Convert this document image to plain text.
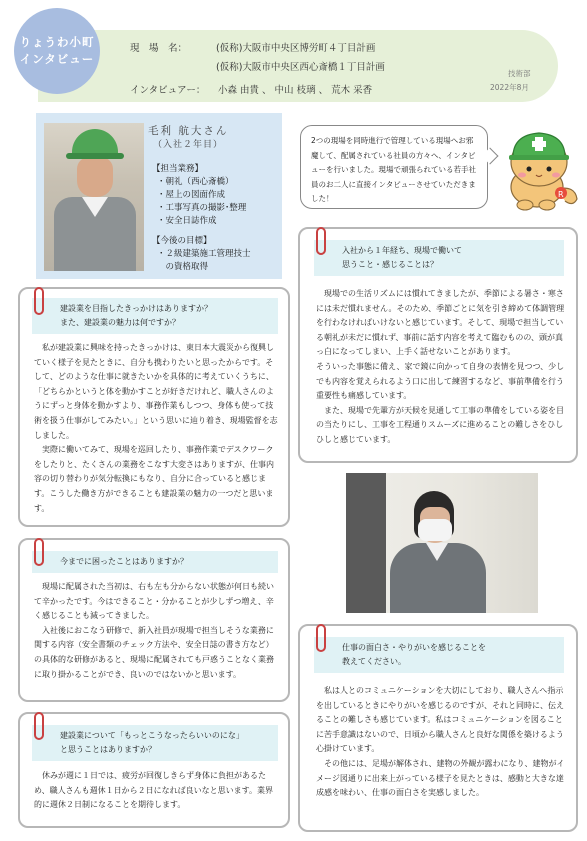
りょうわ小町
インタビュー
現　場　名：	(仮称)大阪市中央区博労町４丁目計画
(仮称)大阪市中央区西心斎橋１丁目計画
インタビュアー： 小森 由貴 、 中山 枝璃 、 荒木 采香
技術部
2022年8月
毛利 航大さん
（入社２年目）
【担当業務】
・朝礼（西心斎橋）
・屋上の図面作成
・工事写真の撮影･整理
・安全日誌作成
【今後の目標】
・２級建築施工管理技士
　の資格取得
2つの現場を同時進行で管理している現場へお邪魔して、配属されている社員の方々へ、インタビューを行いました。現場で頑張られている若手社員のお二人に直接インタビューさせていただきました！	R
建設業を目指したきっかけはありますか？
また、建設業の魅力は何ですか？

私が建設業に興味を持ったきっかけは、東日本大震災から復興していく様子を見たときに、自分も携わりたいと思ったからです。そして、どのような仕事に就きたいかを具体的に考えていくうちに、「どちらかというと体を動かすことが好きだけれど、職人さんのようにずっと身体を動かすより、事務作業もしつつ、身体も使って技術を扱う仕事がしてみたい。」という思いに辿り着き、現場監督を志しました。

実際に働いてみて、現場を巡回したり、事務作業でデスクワークをしたりと、たくさんの業務をこなす大変さはありますが、仕事内容の切り替わりが気分転換にもなり、自分に合っていると感じます。こうした働き方ができることも建設業の魅力の一つだと思います。

今までに困ったことはありますか？

現場に配属された当初は、右も左も分からない状態が何日も続いて辛かったです。今はできること・分かることが少しずつ増え、辛く感じることも減ってきました。

入社後におこなう研修で、新入社員が現場で担当しそうな業務に関する内容（安全書類のチェック方法や、安全日誌の書き方など）の具体的な研修があると、現場に配属されても戸惑うことなく業務に取り掛かることができ、良いのではないかと思います。

建設業について「もっとこうなったらいいのにな」
と思うことはありますか？

休みが週に１日では、疲労が回復しきらず身体に負担があるため、職人さんも週休１日から２日になれば良いなと思います。業界的に週休２日制になることを期待します。

入社から１年経ち、現場で働いて
思うこと・感じることは？

現場での生活リズムには慣れてきましたが、季節による暑さ・寒さには未だ慣れません。そのため、季節ごとに気を引き締めて体調管理を行わなければいけないと感じています。そして、現場で担当している朝礼が未だに慣れず、事前に話す内容を考えて臨むものの、頭が真っ白になってしまい、上手く話せないことがあります。

そういった事態に備え、家で鏡に向かって自身の表情を見つつ、少しでも内容を覚えられるよう口に出して練習するなど、事前準備を行う重要性も痛感しています。

また、現場で先輩方が天候を見通して工事の準備をしている姿を目の当たりにし、工事を工程通りスムーズに進めることの難しさをひしひしと感じています。

仕事の面白さ・やりがいを感じることを
教えてください。

私は人とのコミュニケーションを大切にしており、職人さんへ指示を出しているときにやりがいを感じるのですが、それと同時に、伝えることの難しさも感じています。私はコミュニケーションを図ることに苦手意識はないので、日頃から職人さんと良好な関係を築けるよう心掛けています。

その他には、足場が解体され、建物の外観が露わになり、建物がイメージ図通りに出来上がっている様子を見たときは、感動と大きな達成感を味わい、仕事の面白さを実感しました。
